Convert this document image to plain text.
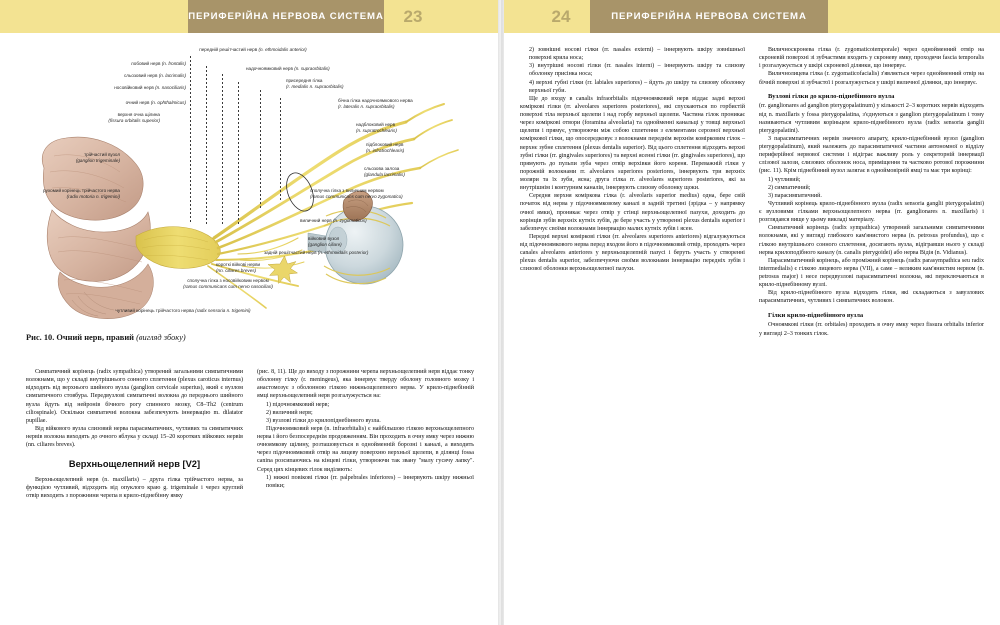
ПЕРИФЕРІЙНА НЕРВОВА СИСТЕМА	23
передній решітчастий нерв (n. ethmoidalis anterior)
лобовий нерв (n. frontalis)
сльозовий нерв (n. lacrimalis)
носовійковий нерв (n. nasociliaris)
очний нерв (n. ophthalmicus)
верхня очна щілина
(fissura orbitalis superior)
надочноямковий нерв (n. supraorbitalis)
присередня гілка
(r. medialis n. supraorbitalis)
бічна гілка надочноямкового нерва
(r. lateralis n. supraorbitalis)
надблоковий нерв
(n. supratrochlearis)
підблоковий нерв
(n. infratrochlearis)
сльозова залоза
(glandula lacrimalis)
трійчастий вузол
(ganglion trigeminale)
рухомий корінець трійчастого нерва
(radix motoria n. trigemini)
чутливий корінець трійчастого нерва (radix sensoria n. trigemini)
війковий вузол
(ganglion ciliare)
сполучна гілка з носовійковим нервом
(ramus communicans cum nervo nasociliari)
сполучна гілка з виличним нервом
(ramus communicans cum nervo zygomatico)
виличний нерв (n. zygomaticus)
задній решітчастий нерв (n. ethmoidalis posterior)
короткі війкові нерви
(nn. ciliares breves)
Рис. 10. Очний нерв, правий (вигляд збоку)

Симпатичний корінець (radix sympathica) утворений загальними симпатичними волокнами, що у складі внутрішнього сонного сплетення (plexus caroticus internus) відходять від верхнього шийного вузла (ganglion cervicale superius), який є вузлом симпатичного стовбура. Передвузлові симпатичні волокна до переднього шийного вузла йдуть від нейронів бічного рогу спинного мозку, C8–Th2 (centrum ciliospinale). Оскільки симпатичні волокна забезпечують іннервацію m. dilatator pupillae.

Від війкового вузла слизовий нерва парасиматичних, чутливих та симпатичних нервів волокна виходять до очного яблука у складі 15–20 коротких війкових нервів (nn. ciliares breves).

Верхньощелепний нерв [V2]

Верхньощелепний нерв (n. maxillaris) – друга гілка трійчастого нерва, за функцією чутливий, відходить від опуклого краю g. trigeminale і через круглий отвір виходить з порожнини черепа в крило-піднебінну ямку

(рис. 8, 11). Ще до виходу з порожнини черепа верхньощелепний нерв віддає тонку оболонну гілку (r. meningeus), яка іннервує тверду оболону головного мозку і анастомозує з оболонною гілкою нижньощелепного нерва. У крило-піднебінній ямці верхньощелепний нерв розгалужується на:

1) підочноямковий нерв;

2) виличний нерв;

3) вузлові гілки до крилопіднебінного вузла.

Підочноямковий нерв (n. infraorbitalis) є найбільшою гілкою верхньощелепного нерва і його безпосереднім продовженням. Він проходить в очну ямку через нижню очноямкову щілину, розташовується в однойменній борозні і каналі, а виходить через підочноямковий отвір на лицеву поверхню верхньої щелепи, в ділянці fossa canina розсипаючись на кінцеві гілки, утворюючи так звану "малу гусячу лапку". Серед цих кінцевих гілок виділяють:

1) нижні повікові гілки (rr. palpebrales inferiores) – іннервують шкіру нижньої повіки;

24	ПЕРИФЕРІЙНА НЕРВОВА СИСТЕМА

2) зовнішні носові гілки (rr. nasales externi) – іннервують шкіру зовнішньої поверхні крила носа;

3) внутрішні носові гілки (rr. nasales interni) – іннервують шкіру та слизову оболонку присінка носа;

4) верхні губні гілки (rr. labiales superiores) – йдуть до шкіру та слизову оболонку верхньої губи.

Ще до входу в canalis infraorbitalis підочноямковий нерв віддає задні верхні коміркові гілки (rr. alveolares superiores posteriores), які спускаються по горбистій поверхні тіла верхньої щелепи і над горбу верхньої щелепи. Частина гілок проникає через коміркові отвори (foramina alveolaria) та однойменні канальці у товщі верхньої щелепи і прямує, утворюючи між собою сплетення з елементами серозної верхньої коміркової гілки, що опосередковує з волокнами переднім верхнім комірковим гілок – верхнє зубне сплетення (plexus dentalis superior). Від цього сплетення відходять верхні зубні гілки (rr. gingivales superiores) та верхні ясенні гілки (rr. gingivales superiores), що прямують до пульпи зуба через отвір верхівки його кореня. Переважній гілки у порожній волокнами rr. alveolares superiores posteriores, іннервують три верхніх моляри та їх зуби, ясна; друга гілка rr. alveolares superiores posteriores, які за внутрішнім і контурним каналів, іннервують слизову оболонку щоки.

Середня верхня коміркова гілка (r. alveolaris superior medius) одна, бере свій початок від нерва у підочноямковому каналі в задній третині (зрідка – у напрямку очної ямки), проникає через отвір у стінці верхньощелепної пазухи, доходить до корінців зубів верхніх кутніх зубів, де бере участь у утворенні plexus dentalis superior і забезпечує своїми волокнами іннервацію малих кутніх зубів і ясен.

Передні верхні коміркові гілки (rr. alveolares superiores anteriores) відгалужуються від підочноямкового нерва перед входом його в підочноямковий отвір, проходять через canales alveolares anteriores у верхньощелепній пазусі і беруть участь у створенні plexus dentalis superior, забезпечуючи своїми волокнами іннервацію передніх зубів і слизової оболонки верхньощелепної пазухи.

Виличноскронева гілка (r. zygomaticotemporale) через однойменний отвір на скроневій поверхні зі зубчастими входить у скроневу ямку, проходячи fascia temporalis і розгалужується у шкірі скроневої ділянки, що іннервує.

Виличнолицева гілка (r. zygomaticofacialis) з'являється через однойменний отвір на бічній поверхні зі зубчастої і розгалужується у шкірі виличної ділянки, що іннервує.

Вузлові гілки до крило-піднебінного вузла

(rr. ganglionares ad ganglion pterygopalatinum) у кількості 2–3 коротких нервів відходять від n. maxillaris у fossa pterygopalatina, з'єднуються з ganglion pterygopalatinum і тому називаються чутливим коріньцем крило-піднебінного вузла (radix sensoria ganglii pterygopalatini).

З парасимпатичних нервів значного апарату, крило-піднебінний вузол (ganglion pterygopalatinum), який належить до парасимпатичної частини автономної о відділу периферійної нервової системи і відіграє важливу роль у секреторній іннервації слізової залози, слизових оболонок носа, приміщення та частково ротової порожнини (рис. 11). Крім піднебінний вузол залягає в одноймовірній ямці та має три корінці:

1) чутливий;

2) симпатичний;

3) парасимпатичний.

Чутливий корінець крило-піднебінного вузла (radix sensoria ganglii pterygopalatini) є вузловими гілками верхньощелепного нерва (rr. ganglionares n. maxillaris) і розглядався вище у цьому викладі матеріалу.

Симпатичний корінець (radix sympathica) утворений загальними симпатичними волокнами, які у вигляді глибокого кам'янистого нерва (n. petrosus profundus), що є гілкою внутрішнього сонного сплетення, досягають вузла, відігравши нього у складі нерва крилоподібного каналу (n. canalis pterygoidei) або нерва Відія (n. Vidianus).

Парасимпатичний корінець, або проміжний корінець (radix parasympathica seu radix intermedialis) є гілкою лицевого нерва (VII), а саме – великим кам'янистим нервом (n. petrosus major) і несе передвузлові парасимпатичні волокна, які переключаються в крило-піднебінному вузлі.

Від крило-піднебінного вузла відходять гілки, які складаються з завузлових парасимпатичних, чутливих і симпатичних волокон.

Гілки крило-піднебінного вузла

Очноямкові гілки (rr. orbitales) проходять в очну ямку через fissura orbitalis inferior у вигляді 2–3 тонких гілок.
